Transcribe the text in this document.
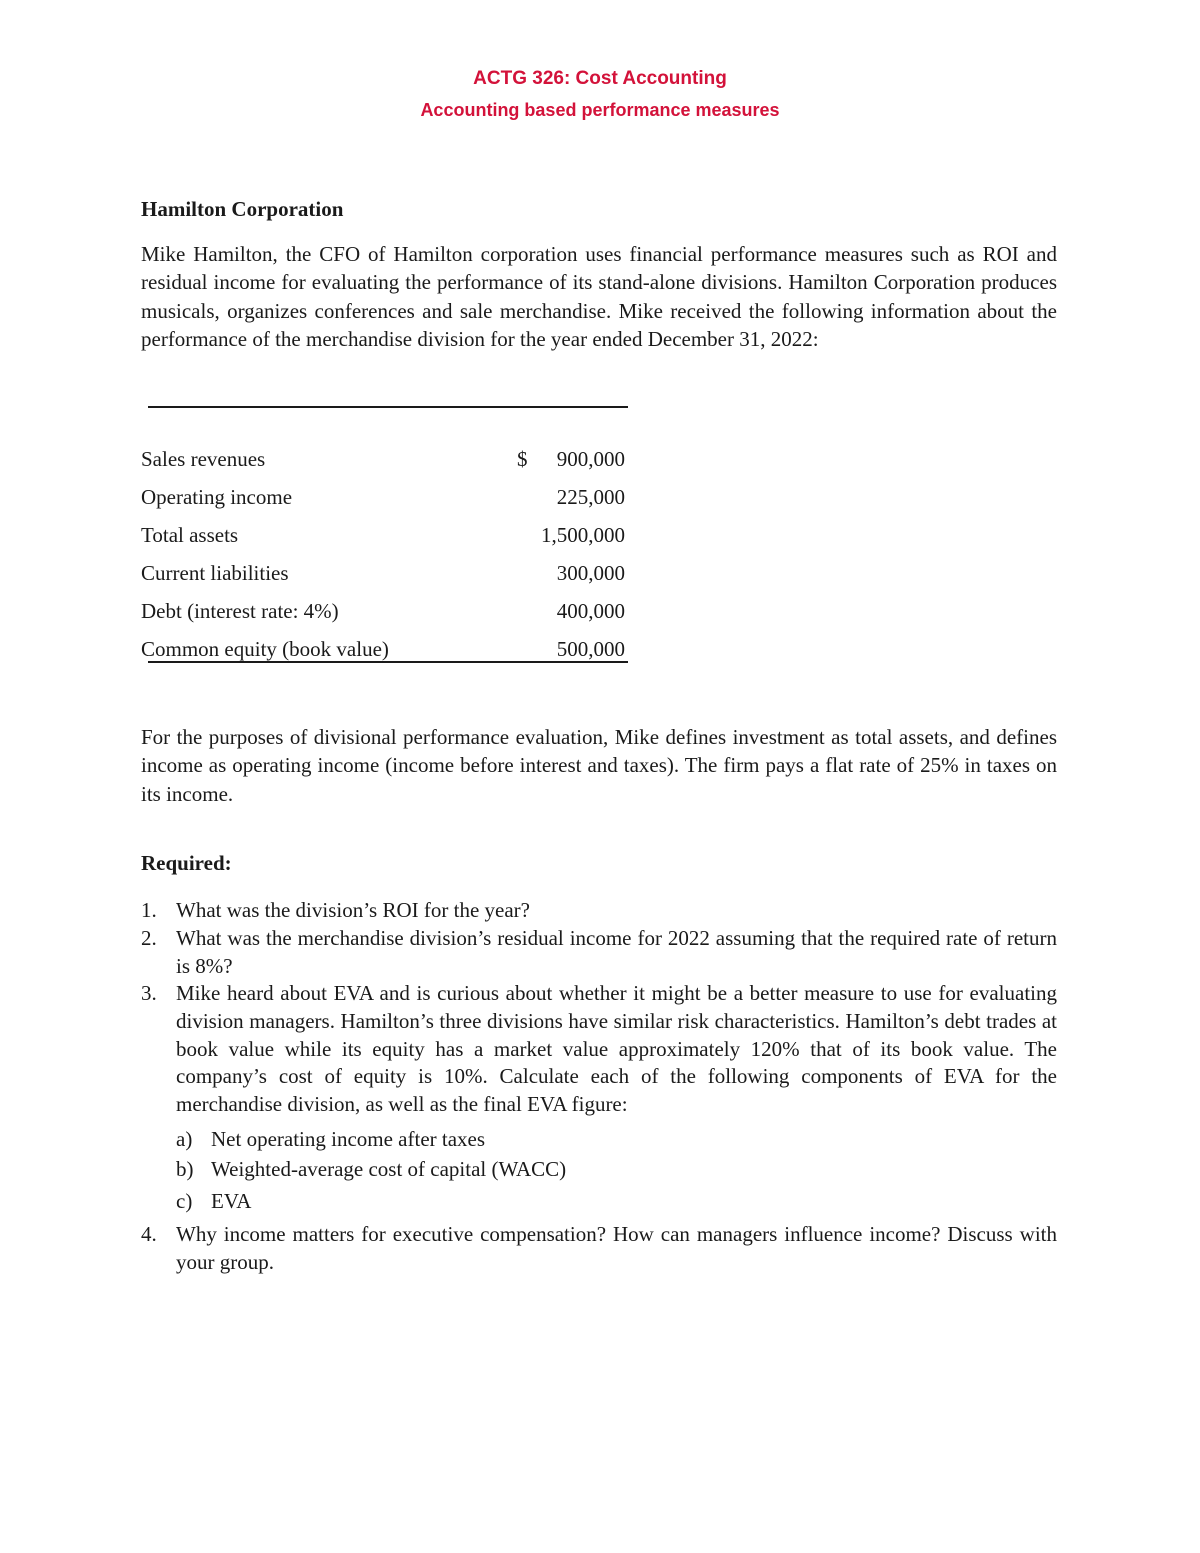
ACTG 326: Cost Accounting
Accounting based performance measures
Hamilton Corporation
Mike Hamilton, the CFO of Hamilton corporation uses financial performance measures such as ROI and residual income for evaluating the performance of its stand-alone divisions. Hamilton Corporation produces musicals, organizes conferences and sale merchandise. Mike received the following information about the performance of the merchandise division for the year ended December 31, 2022:
Sales revenues	$ 900,000
Operating income	225,000
Total assets	1,500,000
Current liabilities	300,000
Debt (interest rate: 4%)	400,000
Common equity (book value)	500,000
For the purposes of divisional performance evaluation, Mike defines investment as total assets, and defines income as operating income (income before interest and taxes). The firm pays a flat rate of 25% in taxes on its income.
Required:
1. What was the division’s ROI for the year?
2. What was the merchandise division’s residual income for 2022 assuming that the required rate of return is 8%?
3. Mike heard about EVA and is curious about whether it might be a better measure to use for evaluating division managers. Hamilton’s three divisions have similar risk characteristics. Hamilton’s debt trades at book value while its equity has a market value approximately 120% that of its book value. The company’s cost of equity is 10%. Calculate each of the following components of EVA for the merchandise division, as well as the final EVA figure:
a) Net operating income after taxes
b) Weighted-average cost of capital (WACC)
c) EVA
4. Why income matters for executive compensation? How can managers influence income? Discuss with your group.
